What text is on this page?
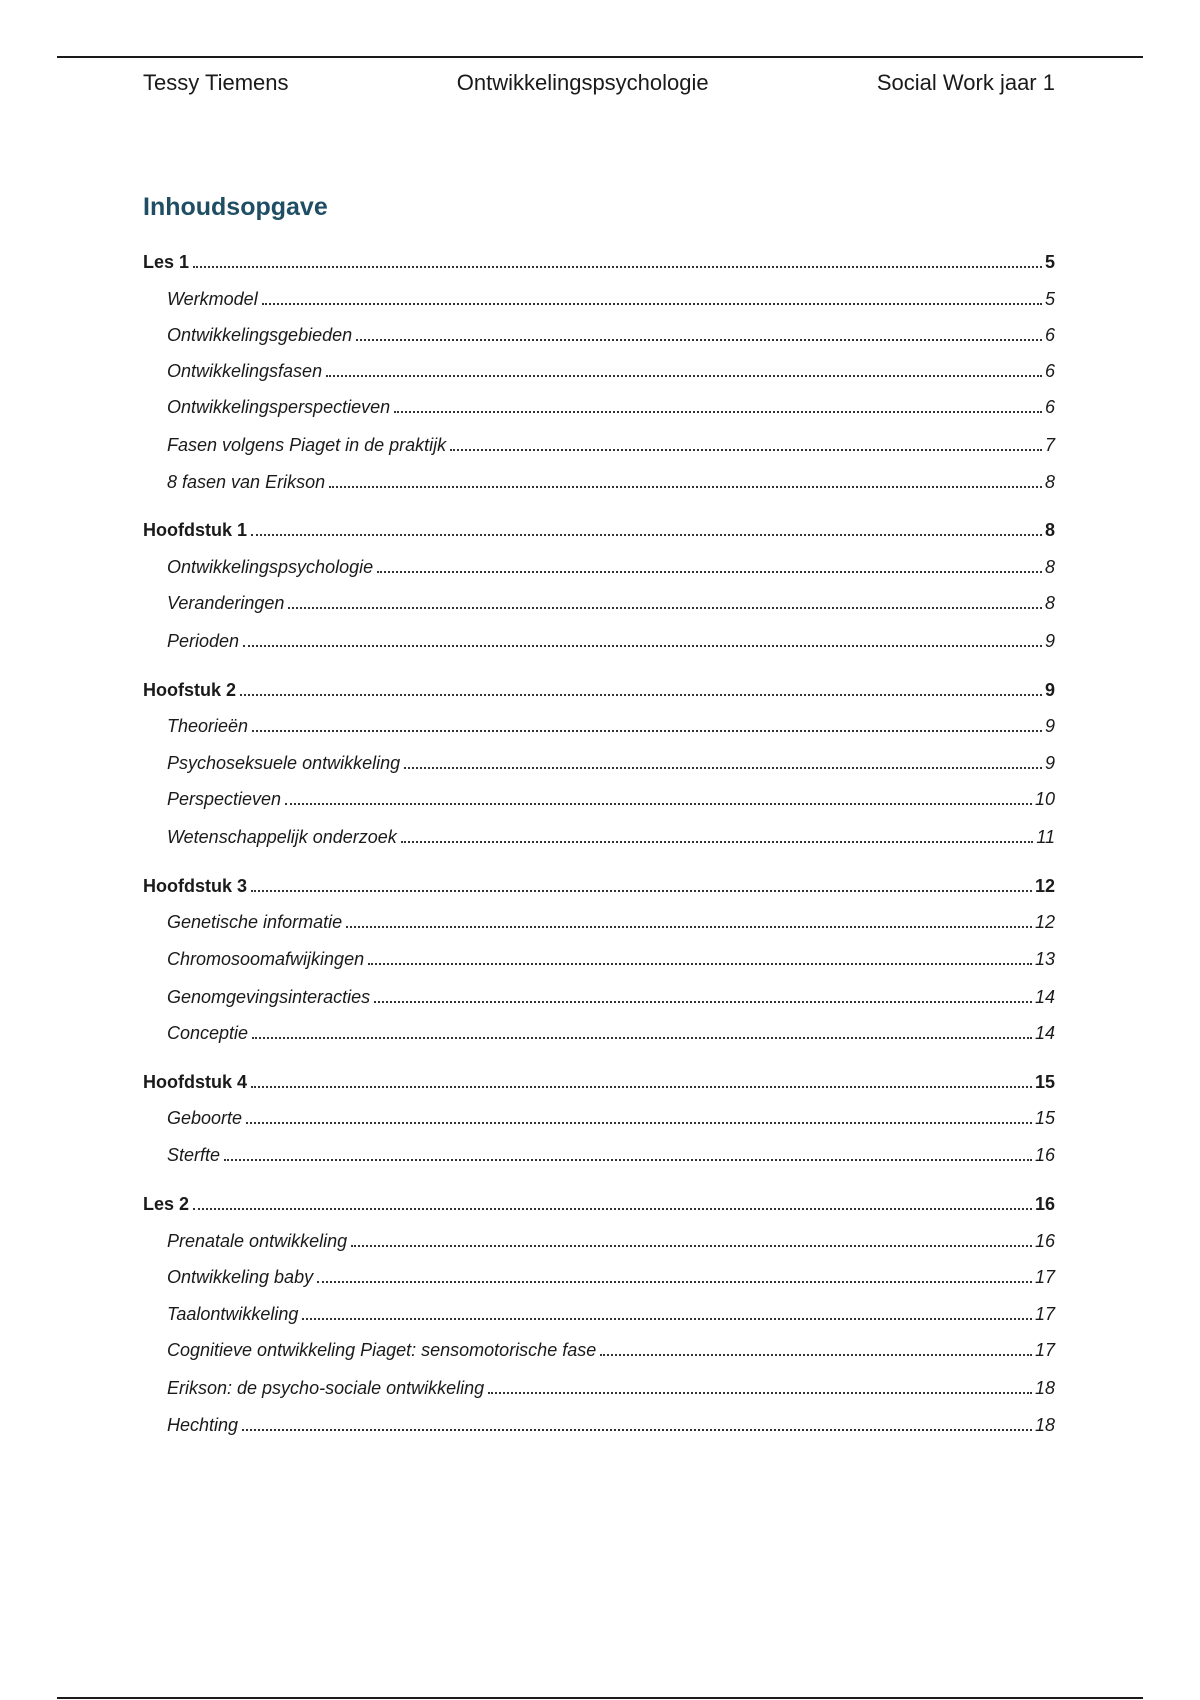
Tessy Tiemens	Ontwikkelingspsychologie	Social Work jaar 1
Inhoudsopgave
Les 1	5
Werkmodel	5
Ontwikkelingsgebieden	6
Ontwikkelingsfasen	6
Ontwikkelingsperspectieven	6
Fasen volgens Piaget in de praktijk	7
8 fasen van Erikson	8
Hoofdstuk 1	8
Ontwikkelingspsychologie	8
Veranderingen	8
Perioden	9
Hoofstuk 2	9
Theorieën	9
Psychoseksuele ontwikkeling	9
Perspectieven	10
Wetenschappelijk onderzoek	11
Hoofdstuk 3	12
Genetische informatie	12
Chromosoomafwijkingen	13
Genomgevingsinteracties	14
Conceptie	14
Hoofdstuk 4	15
Geboorte	15
Sterfte	16
Les 2	16
Prenatale ontwikkeling	16
Ontwikkeling baby	17
Taalontwikkeling	17
Cognitieve ontwikkeling Piaget: sensomotorische fase	17
Erikson: de psycho-sociale ontwikkeling	18
Hechting	18
